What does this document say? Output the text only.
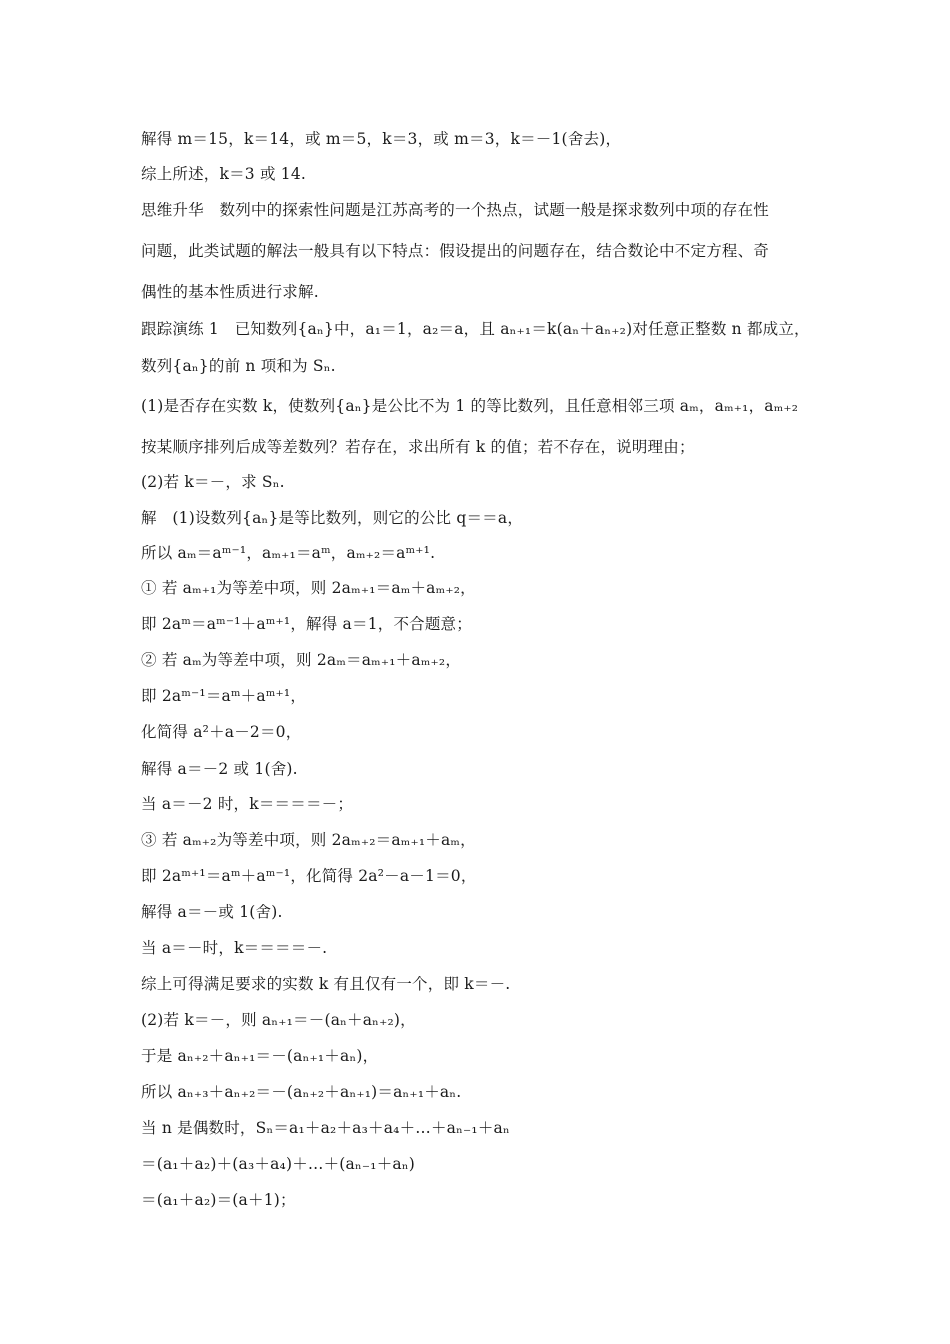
解得 m＝15，k＝14，或 m＝5，k＝3，或 m＝3，k＝－1(舍去)，
综上所述，k＝3 或 14.
思维升华　数列中的探索性问题是江苏高考的一个热点，试题一般是探求数列中项的存在性
问题，此类试题的解法一般具有以下特点：假设提出的问题存在，结合数论中不定方程、奇
偶性的基本性质进行求解.
跟踪演练 1　已知数列{aₙ}中，a₁＝1，a₂＝a，且 aₙ₊₁＝k(aₙ＋aₙ₊₂)对任意正整数 n 都成立，
数列{aₙ}的前 n 项和为 Sₙ.
(1)是否存在实数 k，使数列{aₙ}是公比不为 1 的等比数列，且任意相邻三项 aₘ，aₘ₊₁，aₘ₊₂
按某顺序排列后成等差数列？若存在，求出所有 k 的值；若不存在，说明理由；
(2)若 k＝－，求 Sₙ.
解　(1)设数列{aₙ}是等比数列，则它的公比 q＝＝a，
所以 aₘ＝aᵐ⁻¹，aₘ₊₁＝aᵐ，aₘ₊₂＝aᵐ⁺¹.
① 若 aₘ₊₁为等差中项，则 2aₘ₊₁＝aₘ＋aₘ₊₂，
即 2aᵐ＝aᵐ⁻¹＋aᵐ⁺¹，解得 a＝1，不合题意；
② 若 aₘ为等差中项，则 2aₘ＝aₘ₊₁＋aₘ₊₂，
即 2aᵐ⁻¹＝aᵐ＋aᵐ⁺¹，
化简得 a²＋a－2＝0，
解得 a＝－2 或 1(舍).
当 a＝－2 时，k＝＝＝＝－；
③ 若 aₘ₊₂为等差中项，则 2aₘ₊₂＝aₘ₊₁＋aₘ，
即 2aᵐ⁺¹＝aᵐ＋aᵐ⁻¹，化简得 2a²－a－1＝0，
解得 a＝－或 1(舍).
当 a＝－时，k＝＝＝＝－.
综上可得满足要求的实数 k 有且仅有一个，即 k＝－.
(2)若 k＝－，则 aₙ₊₁＝－(aₙ＋aₙ₊₂)，
于是 aₙ₊₂＋aₙ₊₁＝－(aₙ₊₁＋aₙ)，
所以 aₙ₊₃＋aₙ₊₂＝－(aₙ₊₂＋aₙ₊₁)＝aₙ₊₁＋aₙ.
当 n 是偶数时，Sₙ＝a₁＋a₂＋a₃＋a₄＋…＋aₙ₋₁＋aₙ
＝(a₁＋a₂)＋(a₃＋a₄)＋…＋(aₙ₋₁＋aₙ)
＝(a₁＋a₂)＝(a＋1)；
